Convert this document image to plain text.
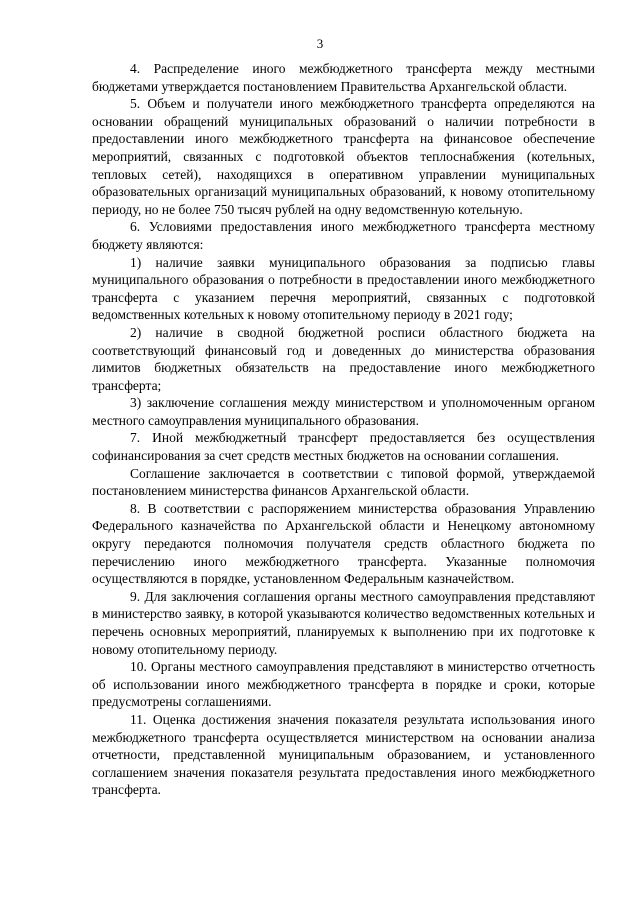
3

4. Распределение иного межбюджетного трансферта между местными бюджетами утверждается постановлением Правительства Архангельской области.

5. Объем и получатели иного межбюджетного трансферта определяются на основании обращений муниципальных образований о наличии потребности в предоставлении иного межбюджетного трансферта на финансовое обеспечение мероприятий, связанных с подготовкой объектов теплоснабжения (котельных, тепловых сетей), находящихся в оперативном управлении муниципальных образовательных организаций муниципальных образований, к новому отопительному периоду, но не более 750 тысяч рублей на одну ведомственную котельную.

6. Условиями предоставления иного межбюджетного трансферта местному бюджету являются:

1) наличие заявки муниципального образования за подписью главы муниципального образования о потребности в предоставлении иного межбюджетного трансферта с указанием перечня мероприятий, связанных с подготовкой ведомственных котельных к новому отопительному периоду в 2021 году;

2) наличие в сводной бюджетной росписи областного бюджета на соответствующий финансовый год и доведенных до министерства образования лимитов бюджетных обязательств на предоставление иного межбюджетного трансферта;

3) заключение соглашения между министерством и уполномоченным органом местного самоуправления муниципального образования.

7. Иной межбюджетный трансферт предоставляется без осуществления софинансирования за счет средств местных бюджетов на основании соглашения.

Соглашение заключается в соответствии с типовой формой, утверждаемой постановлением министерства финансов Архангельской области.

8. В соответствии с распоряжением министерства образования Управлению Федерального казначейства по Архангельской области и Ненецкому автономному округу передаются полномочия получателя средств областного бюджета по перечислению иного межбюджетного трансферта. Указанные полномочия осуществляются в порядке, установленном Федеральным казначейством.

9. Для заключения соглашения органы местного самоуправления представляют в министерство заявку, в которой указываются количество ведомственных котельных и перечень основных мероприятий, планируемых к выполнению при их подготовке к новому отопительному периоду.

10. Органы местного самоуправления представляют в министерство отчетность об использовании иного межбюджетного трансферта в порядке и сроки, которые предусмотрены соглашениями.

11. Оценка достижения значения показателя результата использования иного межбюджетного трансферта осуществляется министерством на основании анализа отчетности, представленной муниципальным образованием, и установленного соглашением значения показателя результата предоставления иного межбюджетного трансферта.
